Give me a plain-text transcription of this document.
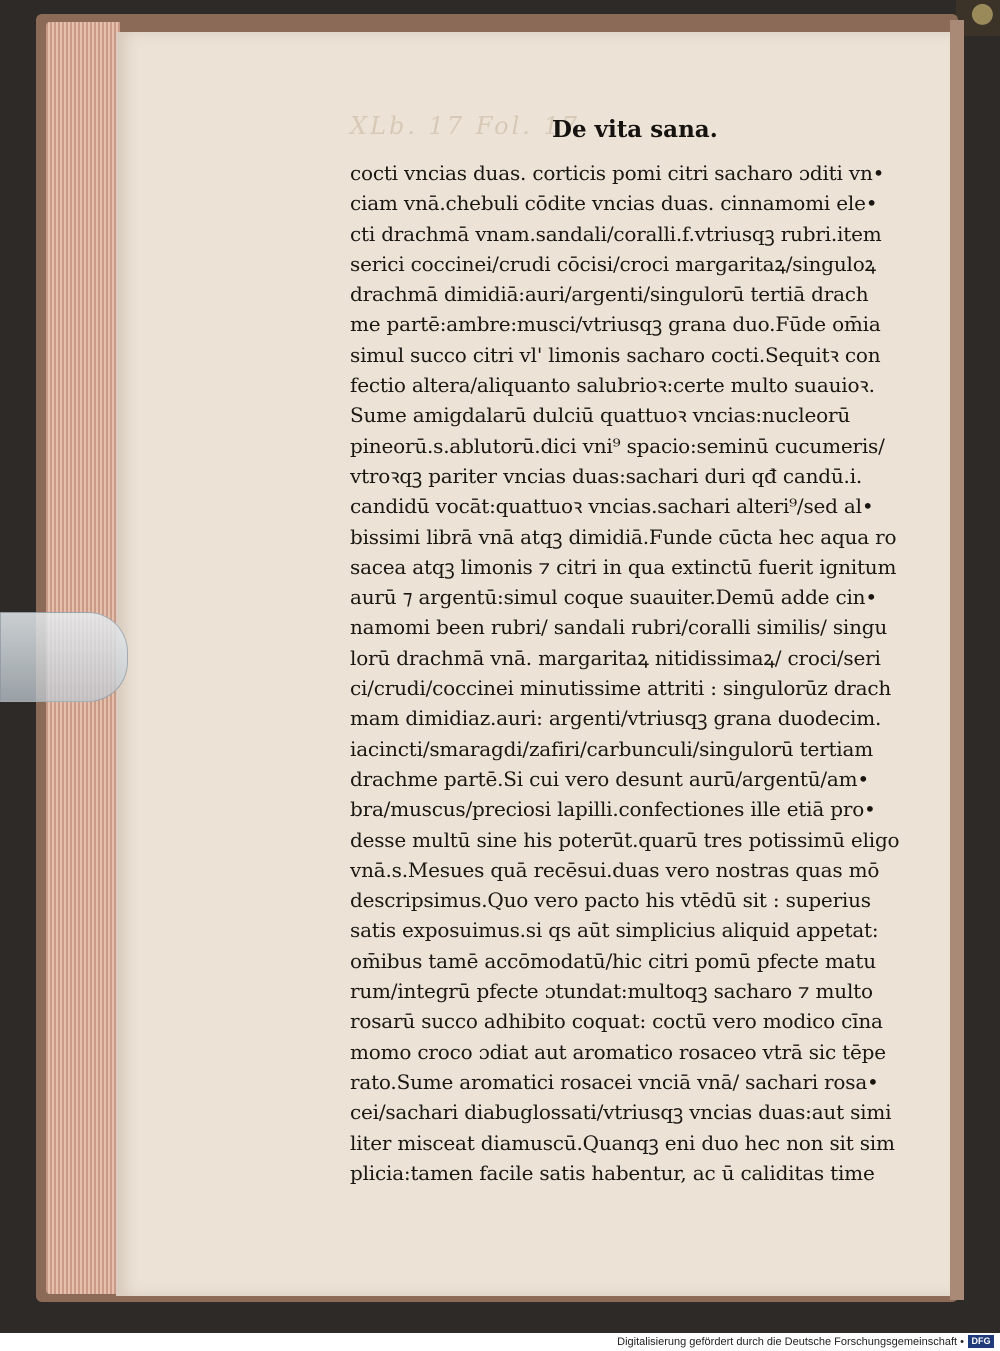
XLb. 17 Fol. 17
De vita sana.
cocti vncias duas. corticis pomi citri sacharo ɔditi vn•
ciam vnā.chebuli cōdite vncias duas. cinnamomi ele•
cti drachmā vnam.sandali/coralli.f.vtriusqꝫ rubri.item
serici coccinei/crudi cōcisi/croci margaritaꝝ/singuloꝝ
drachmā dimidiā:auri/argenti/singulorū tertiā drach
me partē:ambre:musci/vtriusqꝫ grana duo.Fūde om̄ia
simul succo citri vl' limonis sacharo cocti.Sequitꝛ con
fectio altera/aliquanto salubrioꝛ:certe multo suauioꝛ.
Sume amigdalarū dulciū quattuoꝛ vncias:nucleorū
pineorū.s.ablutorū.dici vni⁹ spacio:seminū cucumeris/
vtroꝛqꝫ pariter vncias duas:sachari duri qđ candū.i.
candidū vocāt:quattuoꝛ vncias.sachari alteri⁹/sed al•
bissimi librā vnā atqꝫ dimidiā.Funde cūcta hec aqua ro
sacea atqꝫ limonis ⁊ citri in qua extinctū fuerit ignitum
aurū ⁊ argentū:simul coque suauiter.Demū adde cin•
namomi been rubri/ sandali rubri/coralli similis/ singu
lorū drachmā vnā. margaritaꝝ nitidissimaꝝ/ croci/seri
ci/crudi/coccinei minutissime attriti : singulorūz drach
mam dimidiaz.auri: argenti/vtriusqꝫ grana duodecim.
iacincti/smaragdi/zafiri/carbunculi/singulorū tertiam
drachme partē.Si cui vero desunt aurū/argentū/am•
bra/muscus/preciosi lapilli.confectiones ille etiā pro•
desse multū sine his poterūt.quarū tres potissimū eligo
vnā.s.Mesues quā recēsui.duas vero nostras quas mō
descripsimus.Quo vero pacto his vtēdū sit : superius
satis exposuimus.si qs aūt simplicius aliquid appetat:
om̄ibus tamē accōmodatū/hic citri pomū pfecte matu
rum/integrū pfecte ɔtundat:multoqꝫ sacharo ⁊ multo
rosarū succo adhibito coquat: coctū vero modico cīna
momo croco ɔdiat aut aromatico rosaceo vtrā sic tēpe
rato.Sume aromatici rosacei vnciā vnā/ sachari rosa•
cei/sachari diabuglossati/vtriusqꝫ vncias duas:aut simi
liter misceat diamuscū.Quanqꝫ eni duo hec non sit sim
plicia:tamen facile satis habentur, ac ū caliditas time
Digitalisierung gefördert durch die Deutsche Forschungsgemeinschaft • DFG
